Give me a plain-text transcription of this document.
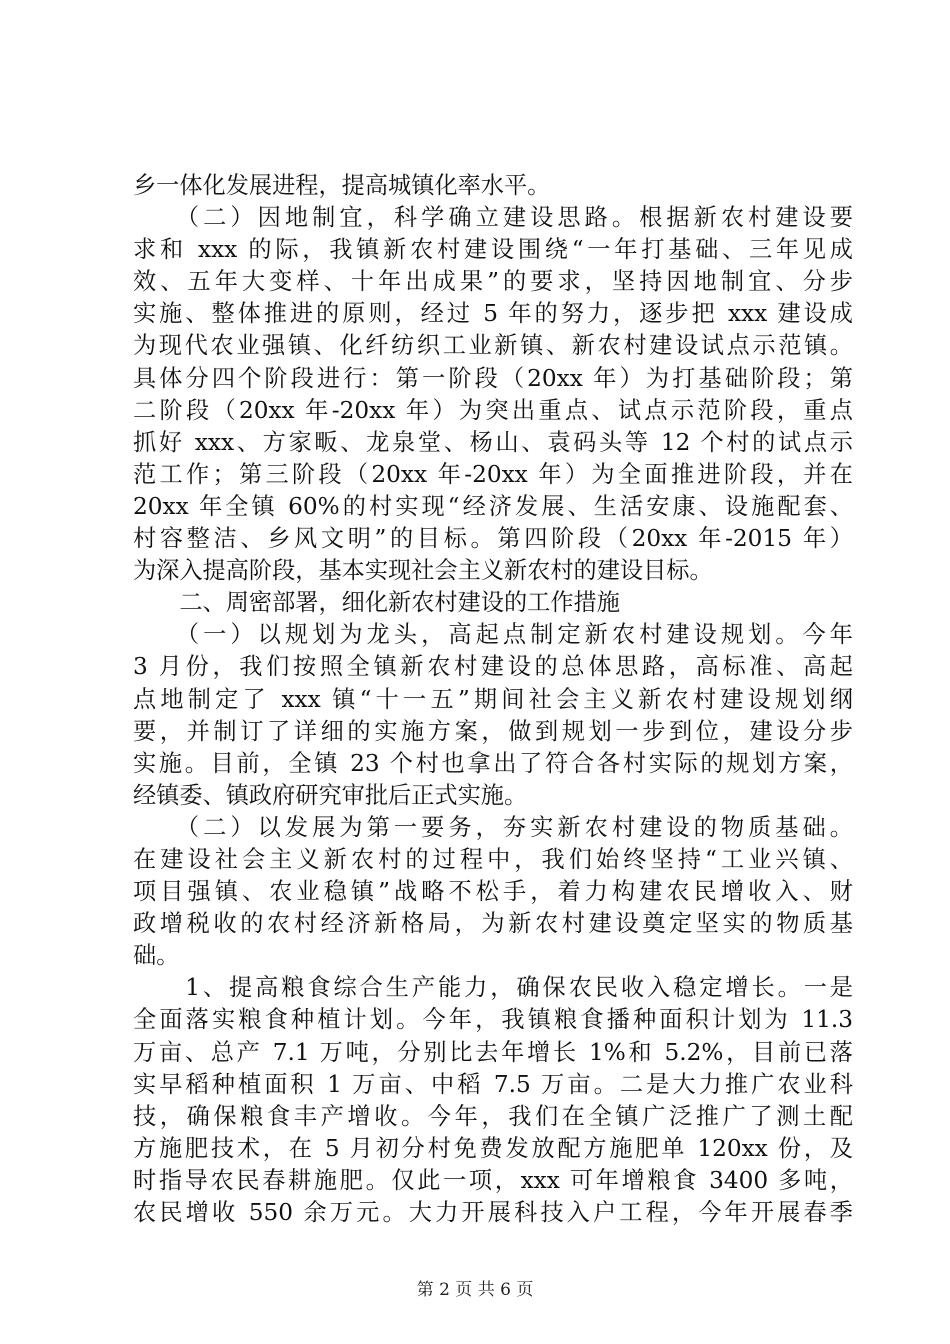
乡一体化发展进程，提高城镇化率水平。
　　（二）因地制宜，科学确立建设思路。根据新农村建设要
求和 xxx 的际，我镇新农村建设围绕“一年打基础、三年见成
效、五年大变样、十年出成果”的要求，坚持因地制宜、分步
实施、整体推进的原则，经过 5 年的努力，逐步把 xxx 建设成
为现代农业强镇、化纤纺织工业新镇、新农村建设试点示范镇。
具体分四个阶段进行：第一阶段（20xx 年）为打基础阶段；第
二阶段（20xx 年-20xx 年）为突出重点、试点示范阶段，重点
抓好 xxx、方家畈、龙泉堂、杨山、袁码头等 12 个村的试点示
范工作；第三阶段（20xx 年-20xx 年）为全面推进阶段，并在
20xx 年全镇 60%的村实现“经济发展、生活安康、设施配套、
村容整洁、乡风文明”的目标。第四阶段（20xx 年-2015 年）
为深入提高阶段，基本实现社会主义新农村的建设目标。
　　二、周密部署，细化新农村建设的工作措施
　　（一）以规划为龙头，高起点制定新农村建设规划。今年
3 月份，我们按照全镇新农村建设的总体思路，高标准、高起
点地制定了 xxx 镇“十一五”期间社会主义新农村建设规划纲
要，并制订了详细的实施方案，做到规划一步到位，建设分步
实施。目前，全镇 23 个村也拿出了符合各村实际的规划方案，
经镇委、镇政府研究审批后正式实施。
　　（二）以发展为第一要务，夯实新农村建设的物质基础。
在建设社会主义新农村的过程中，我们始终坚持“工业兴镇、
项目强镇、农业稳镇”战略不松手，着力构建农民增收入、财
政增税收的农村经济新格局，为新农村建设奠定坚实的物质基
础。
　　1、提高粮食综合生产能力，确保农民收入稳定增长。一是
全面落实粮食种植计划。今年，我镇粮食播种面积计划为 11.3
万亩、总产 7.1 万吨，分别比去年增长 1%和 5.2%，目前已落
实早稻种植面积 1 万亩、中稻 7.5 万亩。二是大力推广农业科
技，确保粮食丰产增收。今年，我们在全镇广泛推广了测土配
方施肥技术，在 5 月初分村免费发放配方施肥单 120xx 份，及
时指导农民春耕施肥。仅此一项，xxx 可年增粮食 3400 多吨，
农民增收 550 余万元。大力开展科技入户工程，今年开展春季
第 2 页 共 6 页
